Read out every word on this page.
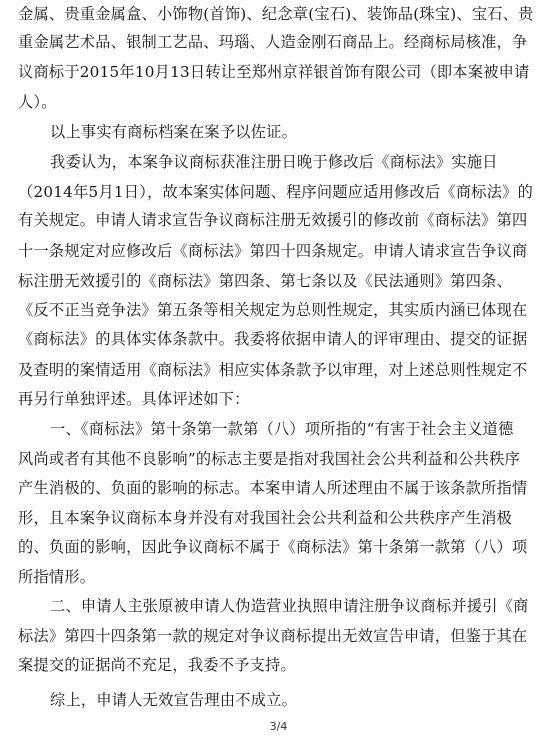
金属、贵重金属盒、小饰物(首饰)、纪念章(宝石)、装饰品(珠宝)、宝石、贵
重金属艺术品、银制工艺品、玛瑙、人造金刚石商品上。经商标局核准，争
议商标于2015年10月13日转让至郑州京祥银首饰有限公司（即本案被申请
人）。
以上事实有商标档案在案予以佐证。
我委认为，本案争议商标获准注册日晚于修改后《商标法》实施日
（2014年5月1日），故本案实体问题、程序问题应适用修改后《商标法》的
有关规定。申请人请求宣告争议商标注册无效援引的修改前《商标法》第四
十一条规定对应修改后《商标法》第四十四条规定。申请人请求宣告争议商
标注册无效援引的《商标法》第四条、第七条以及《民法通则》第四条、
《反不正当竞争法》第五条等相关规定为总则性规定，其实质内涵已体现在
《商标法》的具体实体条款中。我委将依据申请人的评审理由、提交的证据
及查明的案情适用《商标法》相应实体条款予以审理，对上述总则性规定不
再另行单独评述。具体评述如下：
一、《商标法》第十条第一款第（八）项所指的“有害于社会主义道德
风尚或者有其他不良影响”的标志主要是指对我国社会公共利益和公共秩序
产生消极的、负面的影响的标志。本案申请人所述理由不属于该条款所指情
形，且本案争议商标本身并没有对我国社会公共利益和公共秩序产生消极
的、负面的影响，因此争议商标不属于《商标法》第十条第一款第（八）项
所指情形。
二、申请人主张原被申请人伪造营业执照申请注册争议商标并援引《商
标法》第四十四条第一款的规定对争议商标提出无效宣告申请，但鉴于其在
案提交的证据尚不充足，我委不予支持。
3/4
综上，申请人无效宣告理由不成立。
